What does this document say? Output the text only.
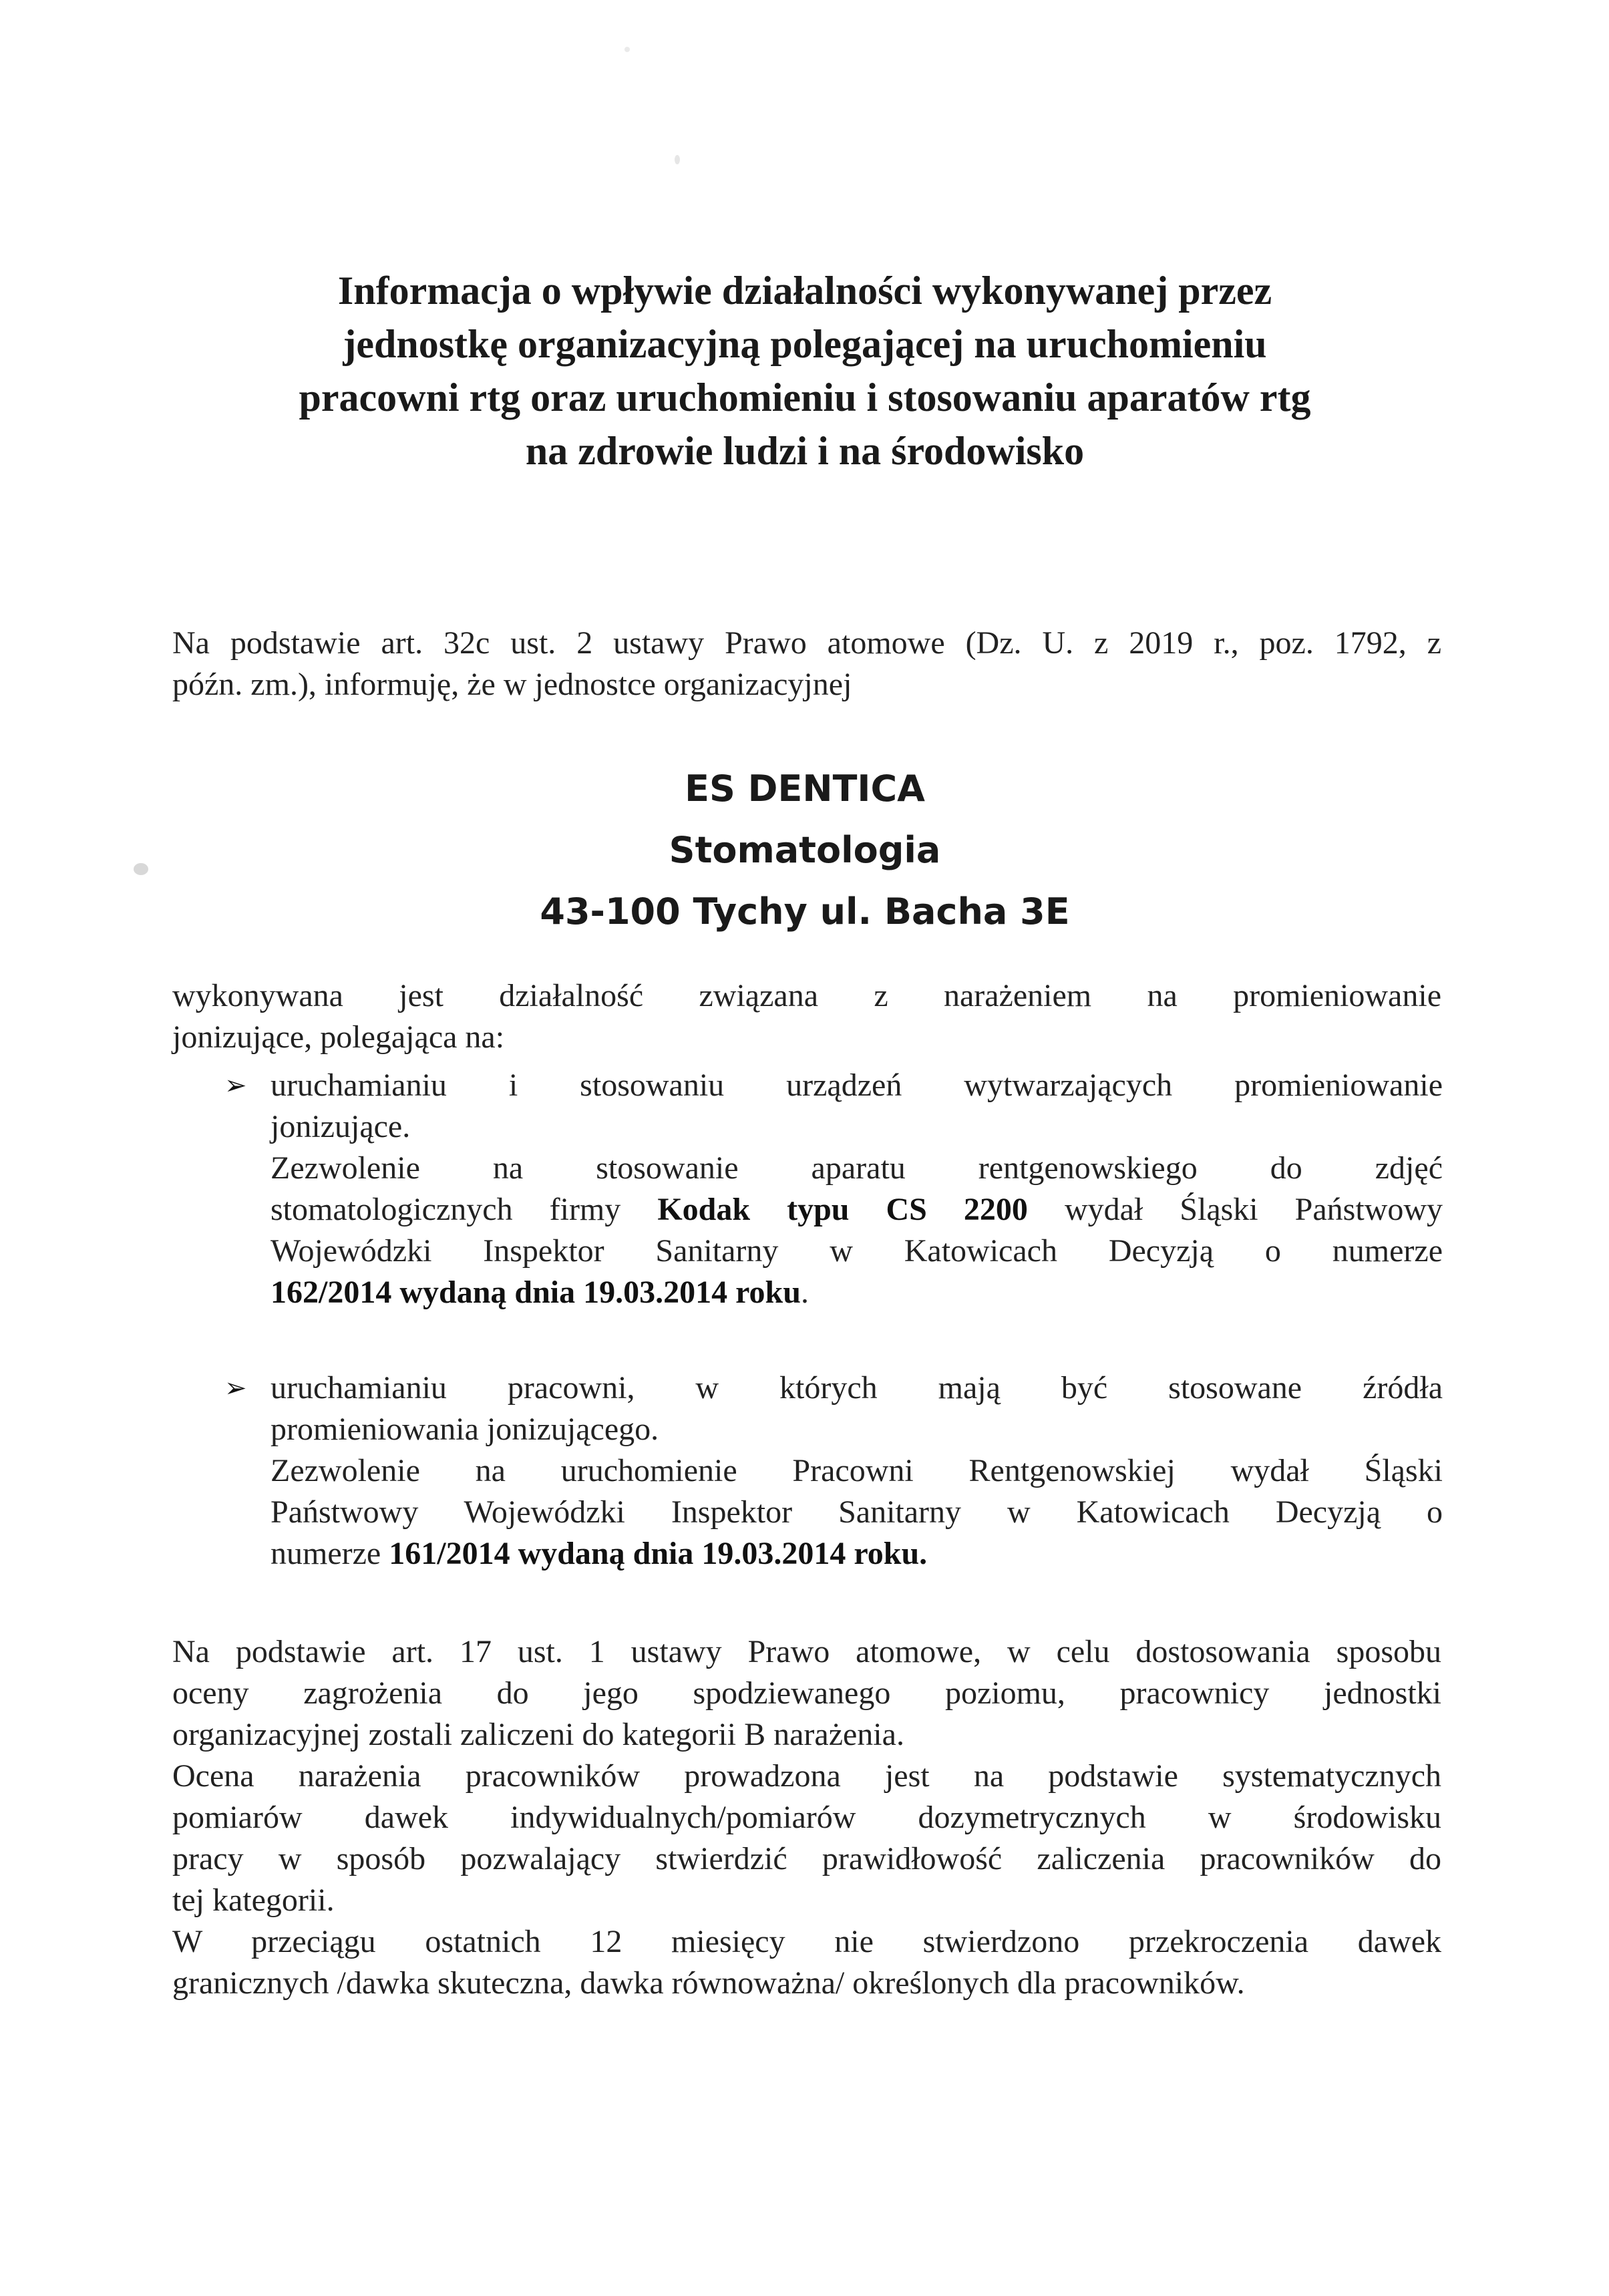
Informacja o wpływie działalności wykonywanej przez
jednostkę organizacyjną polegającej na uruchomieniu
pracowni rtg oraz uruchomieniu i stosowaniu aparatów rtg
na zdrowie ludzi i na środowisko
Na podstawie art. 32c ust. 2 ustawy Prawo atomowe (Dz. U. z 2019 r., poz. 1792, z
późn. zm.), informuję, że w jednostce organizacyjnej
ES DENTICA
Stomatologia
43-100 Tychy ul. Bacha 3E
wykonywana jest działalność związana z narażeniem na promieniowanie
jonizujące, polegająca na:
➢ uruchamianiu i stosowaniu urządzeń wytwarzających promieniowanie
jonizujące.
Zezwolenie na stosowanie aparatu rentgenowskiego do zdjęć
stomatologicznych firmy Kodak typu CS 2200 wydał Śląski Państwowy
Wojewódzki Inspektor Sanitarny w Katowicach Decyzją o numerze
162/2014 wydaną dnia 19.03.2014 roku.
➢ uruchamianiu pracowni, w których mają być stosowane źródła
promieniowania jonizującego.
Zezwolenie na uruchomienie Pracowni Rentgenowskiej wydał Śląski
Państwowy Wojewódzki Inspektor Sanitarny w Katowicach Decyzją o
numerze 161/2014 wydaną dnia 19.03.2014 roku.
Na podstawie art. 17 ust. 1 ustawy Prawo atomowe, w celu dostosowania sposobu
oceny zagrożenia do jego spodziewanego poziomu, pracownicy jednostki
organizacyjnej zostali zaliczeni do kategorii B narażenia.
Ocena narażenia pracowników prowadzona jest na podstawie systematycznych
pomiarów dawek indywidualnych/pomiarów dozymetrycznych w środowisku
pracy w sposób pozwalający stwierdzić prawidłowość zaliczenia pracowników do
tej kategorii.
W przeciągu ostatnich 12 miesięcy nie stwierdzono przekroczenia dawek
granicznych /dawka skuteczna, dawka równoważna/ określonych dla pracowników.
